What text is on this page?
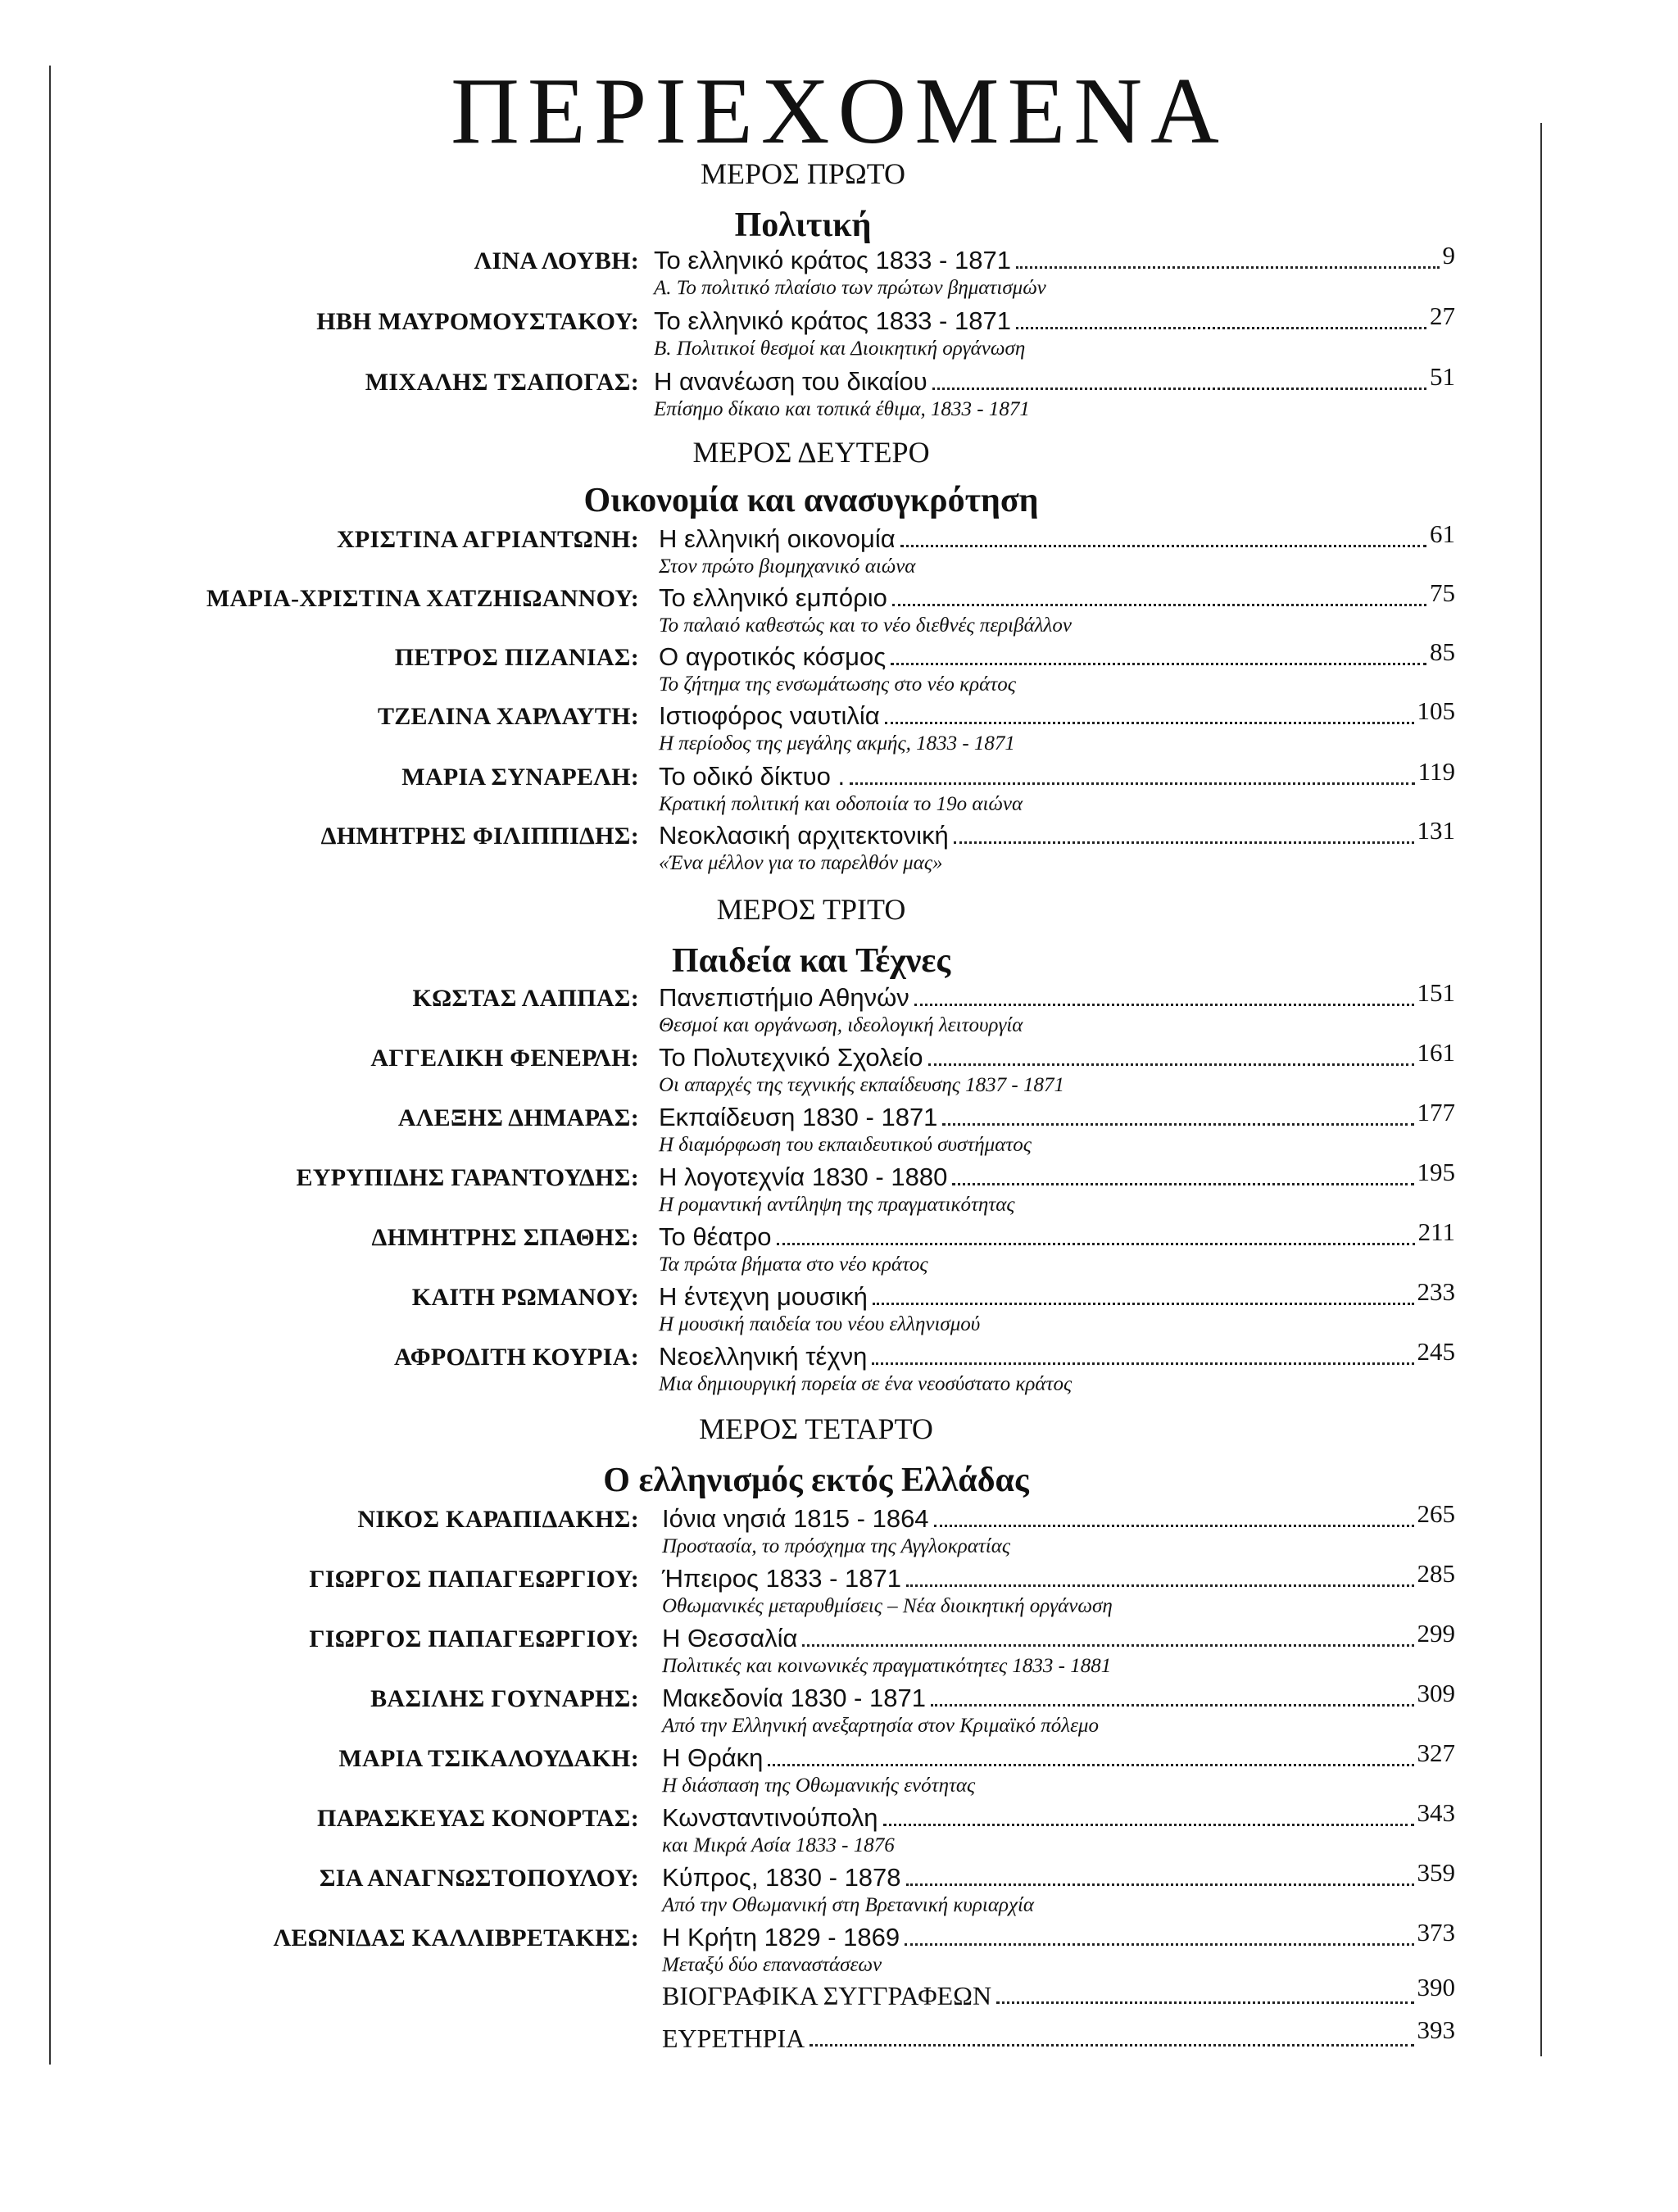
ΠΕΡΙΕΧΟΜΕΝΑ
ΜΕΡΟΣ ΠΡΩΤΟ
Πολιτική
ΛΙΝΑ ΛΟΥΒΗ: Το ελληνικό κράτος 1833 - 1871	9
Α. Το πολιτικό πλαίσιο των πρώτων βηματισμών
ΗΒΗ ΜΑΥΡΟΜΟΥΣΤΑΚΟΥ: Το ελληνικό κράτος 1833 - 1871	27
Β. Πολιτικοί θεσμοί και Διοικητική οργάνωση
ΜΙΧΑΛΗΣ ΤΣΑΠΟΓΑΣ: Η ανανέωση του δικαίου	51
Επίσημο δίκαιο και τοπικά έθιμα, 1833 - 1871
ΜΕΡΟΣ ΔΕΥΤΕΡΟ
Οικονομία και ανασυγκρότηση
ΧΡΙΣΤΙΝΑ ΑΓΡΙΑΝΤΩΝΗ: Η ελληνική οικονομία	61
Στον πρώτο βιομηχανικό αιώνα
ΜΑΡΙΑ-ΧΡΙΣΤΙΝΑ ΧΑΤΖΗΙΩΑΝΝΟΥ: Το ελληνικό εμπόριο	75
Το παλαιό καθεστώς και το νέο διεθνές περιβάλλον
ΠΕΤΡΟΣ ΠΙΖΑΝΙΑΣ: Ο αγροτικός κόσμος	85
Το ζήτημα της ενσωμάτωσης στο νέο κράτος
ΤΖΕΛΙΝΑ ΧΑΡΛΑΥΤΗ: Ιστιοφόρος ναυτιλία	105
Η περίοδος της μεγάλης ακμής, 1833 - 1871
ΜΑΡΙΑ ΣΥΝΑΡΕΛΗ: Το οδικό δίκτυο .	119
Κρατική πολιτική και οδοποιία το 19ο αιώνα
ΔΗΜΗΤΡΗΣ ΦΙΛΙΠΠΙΔΗΣ: Νεοκλασική αρχιτεκτονική	131
«Ένα μέλλον για το παρελθόν μας»
ΜΕΡΟΣ ΤΡΙΤΟ
Παιδεία και Τέχνες
ΚΩΣΤΑΣ ΛΑΠΠΑΣ: Πανεπιστήμιο Αθηνών	151
Θεσμοί και οργάνωση, ιδεολογική λειτουργία
ΑΓΓΕΛΙΚΗ ΦΕΝΕΡΛΗ: Το Πολυτεχνικό Σχολείο	161
Οι απαρχές της τεχνικής εκπαίδευσης 1837 - 1871
ΑΛΕΞΗΣ ΔΗΜΑΡΑΣ: Εκπαίδευση 1830 - 1871	177
Η διαμόρφωση του εκπαιδευτικού συστήματος
ΕΥΡΥΠΙΔΗΣ ΓΑΡΑΝΤΟΥΔΗΣ: Η λογοτεχνία 1830 - 1880	195
Η ρομαντική αντίληψη της πραγματικότητας
ΔΗΜΗΤΡΗΣ ΣΠΑΘΗΣ: Το θέατρο	211
Τα πρώτα βήματα στο νέο κράτος
ΚΑΙΤΗ ΡΩΜΑΝΟΥ: Η έντεχνη μουσική	233
Η μουσική παιδεία του νέου ελληνισμού
ΑΦΡΟΔΙΤΗ ΚΟΥΡΙΑ: Νεοελληνική τέχνη	245
Μια δημιουργική πορεία σε ένα νεοσύστατο κράτος
ΜΕΡΟΣ ΤΕΤΑΡΤΟ
Ο ελληνισμός εκτός Ελλάδας
ΝΙΚΟΣ ΚΑΡΑΠΙΔΑΚΗΣ: Ιόνια νησιά 1815 - 1864	265
Προστασία, το πρόσχημα της Αγγλοκρατίας
ΓΙΩΡΓΟΣ ΠΑΠΑΓΕΩΡΓΙΟΥ: Ήπειρος 1833 - 1871	285
Οθωμανικές μεταρυθμίσεις – Νέα διοικητική οργάνωση
ΓΙΩΡΓΟΣ ΠΑΠΑΓΕΩΡΓΙΟΥ: Η Θεσσαλία	299
Πολιτικές και κοινωνικές πραγματικότητες 1833 - 1881
ΒΑΣΙΛΗΣ ΓΟΥΝΑΡΗΣ: Μακεδονία 1830 - 1871	309
Από την Ελληνική ανεξαρτησία στον Κριμαϊκό πόλεμο
ΜΑΡΙΑ ΤΣΙΚΑΛΟΥΔΑΚΗ: Η Θράκη	327
Η διάσπαση της Οθωμανικής ενότητας
ΠΑΡΑΣΚΕΥΑΣ ΚΟΝΟΡΤΑΣ: Κωνσταντινούπολη	343
και Μικρά Ασία 1833 - 1876
ΣΙΑ ΑΝΑΓΝΩΣΤΟΠΟΥΛΟΥ: Κύπρος, 1830 - 1878	359
Από την Οθωμανική στη Βρετανική κυριαρχία
ΛΕΩΝΙΔΑΣ ΚΑΛΛΙΒΡΕΤΑΚΗΣ: Η Κρήτη 1829 - 1869	373
Μεταξύ δύο επαναστάσεων
ΒΙΟΓΡΑΦΙΚΑ ΣΥΓΓΡΑΦΕΩΝ	390
ΕΥΡΕΤΗΡΙΑ	393
